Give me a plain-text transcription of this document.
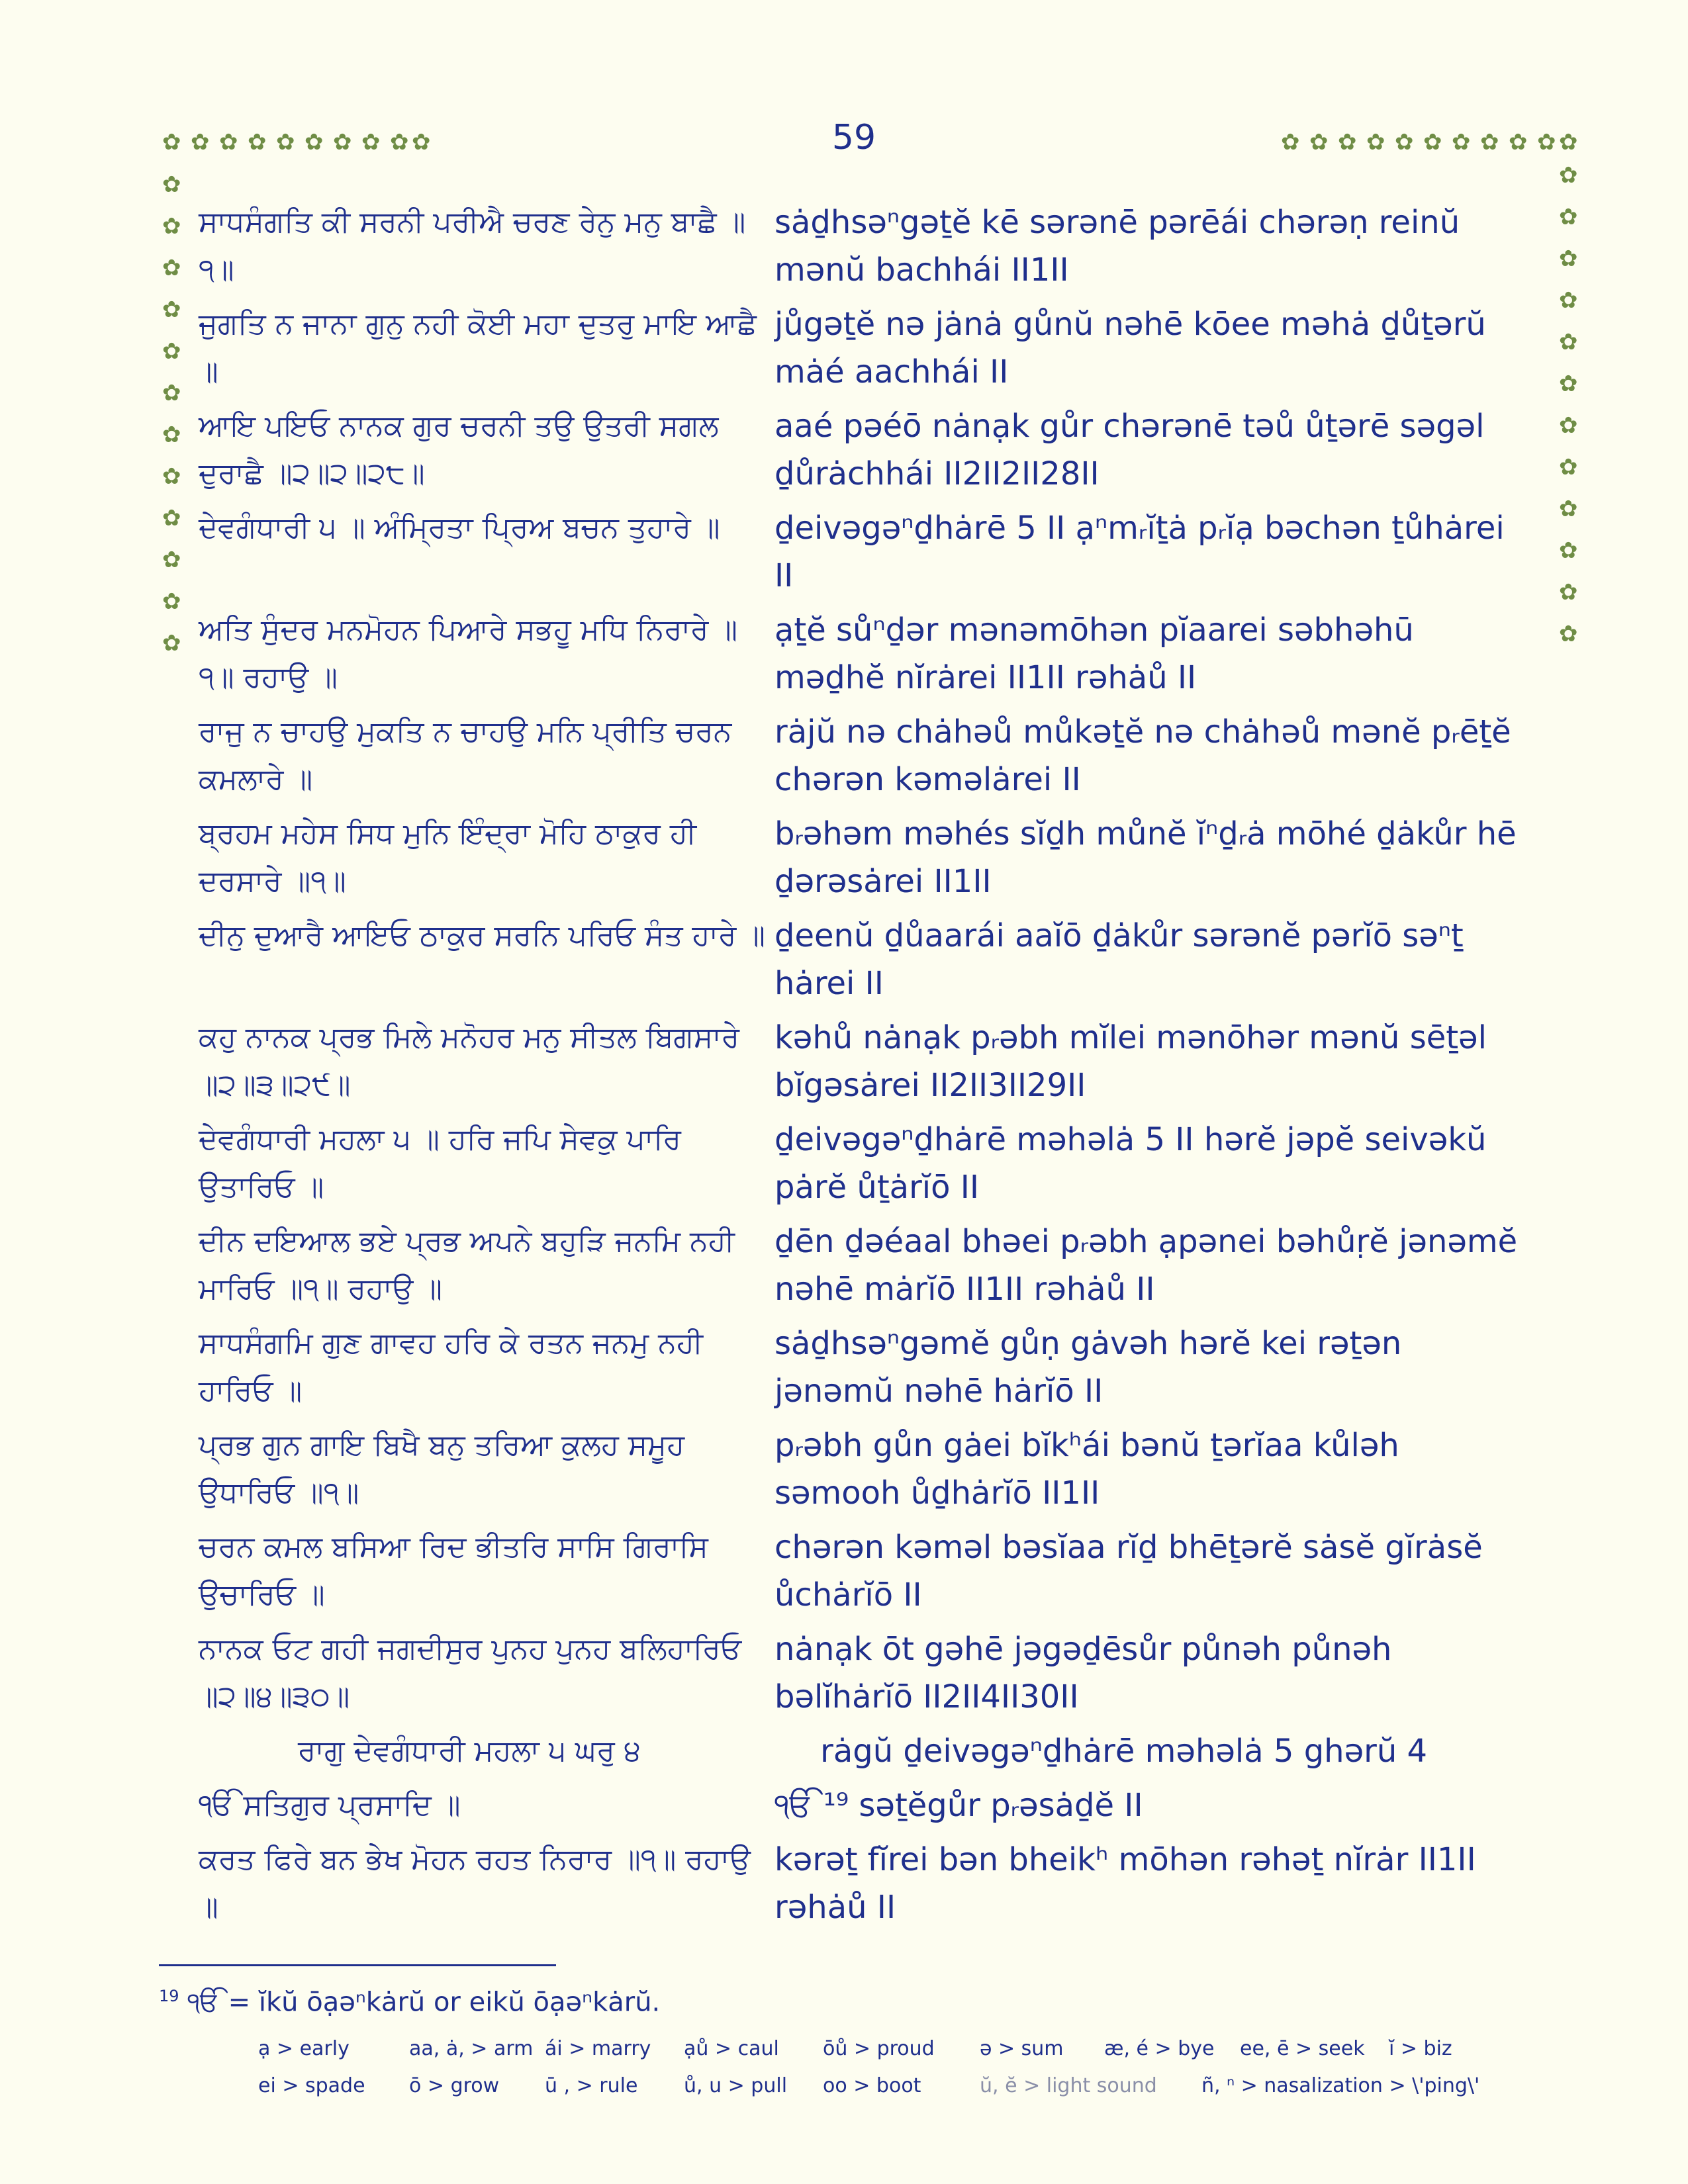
✿ ✿ ✿ ✿ ✿ ✿ ✿ ✿ ✿ ✿
✿
✿
✿
✿
✿
✿
✿
✿
✿
✿
✿
✿
✿ ✿ ✿ ✿ ✿ ✿ ✿ ✿ ✿ ✿ ✿
✿
✿
✿
✿
✿
✿
✿
✿
✿
✿
✿
✿
59
ਸਾਧਸੰਗਤਿ ਕੀ ਸਰਨੀ ਪਰੀਐ ਚਰਣ ਰੇਨੁ ਮਨੁ ਬਾਛੈ ॥੧॥
sȧḏhsəⁿgəṯĕ kē sərənē pərēái chərəṇ reinŭ mənŭ bachhái II1II
ਜੁਗਤਿ ਨ ਜਾਨਾ ਗੁਨੁ ਨਹੀ ਕੋਈ ਮਹਾ ਦੁਤਰੁ ਮਾਇ ਆਛੈ ॥
jůgəṯĕ nə jȧnȧ gůnŭ nəhē kōee məhȧ ḏůṯərŭ mȧé aachhái II
ਆਇ ਪਇਓ ਨਾਨਕ ਗੁਰ ਚਰਨੀ ਤਉ ਉਤਰੀ ਸਗਲ ਦੁਰਾਛੈ ॥੨॥੨॥੨੮॥
aaé pəéō nȧnạk gůr chərənē təů ůṯərē səgəl ḏůrȧchhái II2II2II28II
ਦੇਵਗੰਧਾਰੀ ੫ ॥ ਅੰਮ੍ਰਿਤਾ ਪ੍ਰਿਅ ਬਚਨ ਤੁਹਾਰੇ ॥	ḏeivəgəⁿḏhȧrē 5 II ạⁿmᵣĭṯȧ pᵣĭạ bəchən ṯůhȧrei II
ਅਤਿ ਸੁੰਦਰ ਮਨਮੋਹਨ ਪਿਆਰੇ ਸਭਹੂ ਮਧਿ ਨਿਰਾਰੇ ॥੧॥ ਰਹਾਉ ॥
ạṯĕ sůⁿḏər mənəmōhən pĭaarei səbhəhū məḏhĕ nĭrȧrei II1II rəhȧů II
ਰਾਜੁ ਨ ਚਾਹਉ ਮੁਕਤਿ ਨ ਚਾਹਉ ਮਨਿ ਪ੍ਰੀਤਿ ਚਰਨ ਕਮਲਾਰੇ ॥
rȧjŭ nə chȧhəů můkəṯĕ nə chȧhəů mənĕ pᵣēṯĕ chərən kəməlȧrei II
ਬ੍ਰਹਮ ਮਹੇਸ ਸਿਧ ਮੁਨਿ ਇੰਦ੍ਰਾ ਮੋਹਿ ਠਾਕੁਰ ਹੀ ਦਰਸਾਰੇ ॥੧॥
bᵣəhəm məhés sĭḏh můnĕ ĭⁿḏᵣȧ mōhé ḏȧkůr hē ḏərəsȧrei II1II
ਦੀਨੁ ਦੁਆਰੈ ਆਇਓ ਠਾਕੁਰ ਸਰਨਿ ਪਰਿਓ ਸੰਤ ਹਾਰੇ ॥ ḏeenŭ ḏůaarái aaĭō ḏȧkůr sərənĕ pərĭō səⁿṯ hȧrei II
ਕਹੁ ਨਾਨਕ ਪ੍ਰਭ ਮਿਲੇ ਮਨੋਹਰ ਮਨੁ ਸੀਤਲ ਬਿਗਸਾਰੇ ॥੨॥੩॥੨੯॥
kəhů nȧnạk pᵣəbh mĭlei mənōhər mənŭ sēṯəl bĭgəsȧrei II2II3II29II
ਦੇਵਗੰਧਾਰੀ ਮਹਲਾ ੫ ॥ ਹਰਿ ਜਪਿ ਸੇਵਕੁ ਪਾਰਿ ਉਤਾਰਿਓ ॥
ḏeivəgəⁿḏhȧrē məhəlȧ 5 II hərĕ jəpĕ seivəkŭ pȧrĕ ůṯȧrĭō II
ਦੀਨ ਦਇਆਲ ਭਏ ਪ੍ਰਭ ਅਪਨੇ ਬਹੁੜਿ ਜਨਮਿ ਨਹੀ ਮਾਰਿਓ ॥੧॥ ਰਹਾਉ ॥
ḏēn ḏəéaal bhəei pᵣəbh ạpənei bəhůṛĕ jənəmĕ nəhē mȧrĭō II1II rəhȧů II
ਸਾਧਸੰਗਮਿ ਗੁਣ ਗਾਵਹ ਹਰਿ ਕੇ ਰਤਨ ਜਨਮੁ ਨਹੀ ਹਾਰਿਓ ॥
sȧḏhsəⁿgəmĕ gůṇ gȧvəh hərĕ kei rəṯən jənəmŭ nəhē hȧrĭō II
ਪ੍ਰਭ ਗੁਨ ਗਾਇ ਬਿਖੈ ਬਨੁ ਤਰਿਆ ਕੁਲਹ ਸਮੂਹ ਉਧਾਰਿਓ ॥੧॥
pᵣəbh gůn gȧei bĭkʰái bənŭ ṯərĭaa kůləh səmooh ůḏhȧrĭō II1II
ਚਰਨ ਕਮਲ ਬਸਿਆ ਰਿਦ ਭੀਤਰਿ ਸਾਸਿ ਗਿਰਾਸਿ ਉਚਾਰਿਓ ॥
chərən kəməl bəsĭaa rĭḏ bhēṯərĕ sȧsĕ gĭrȧsĕ ůchȧrĭō II
ਨਾਨਕ ਓਟ ਗਹੀ ਜਗਦੀਸੁਰ ਪੁਨਹ ਪੁਨਹ ਬਲਿਹਾਰਿਓ ॥੨॥੪॥੩੦॥
nȧnạk ōt gəhē jəgəḏēsůr půnəh půnəh bəlĭhȧrĭō II2II4II30II
ਰਾਗੁ ਦੇਵਗੰਧਾਰੀ ਮਹਲਾ ੫ ਘਰੁ ੪	rȧgŭ ḏeivəgəⁿḏhȧrē məhəlȧ 5 ghərŭ 4
ੴ ਸਤਿਗੁਰ ਪ੍ਰਸਾਦਿ ॥	ੴ ¹⁹ səṯĕgůr pᵣəsȧḏĕ II
ਕਰਤ ਫਿਰੇ ਬਨ ਭੇਖ ਮੋਹਨ ਰਹਤ ਨਿਰਾਰ ॥੧॥ ਰਹਾਉ ॥
kərəṯ fĭrei bən bheikʰ mōhən rəhəṯ nĭrȧr II1II rəhȧů II
$^{19}$ ੴ = ĭkŭ ōạəⁿkȧrŭ or eikŭ ōạəⁿkȧrŭ.
ạ > early	aa, ȧ, > arm ái > marry ạů > caul ōů > proud ə > sum æ, é > bye ee, ē > seek ĭ > biz
ei > spade ō > grow ū , > rule ů, u > pull oo > boot	ŭ, ĕ > light sound ñ, ⁿ > nasalization > \'ping\'
